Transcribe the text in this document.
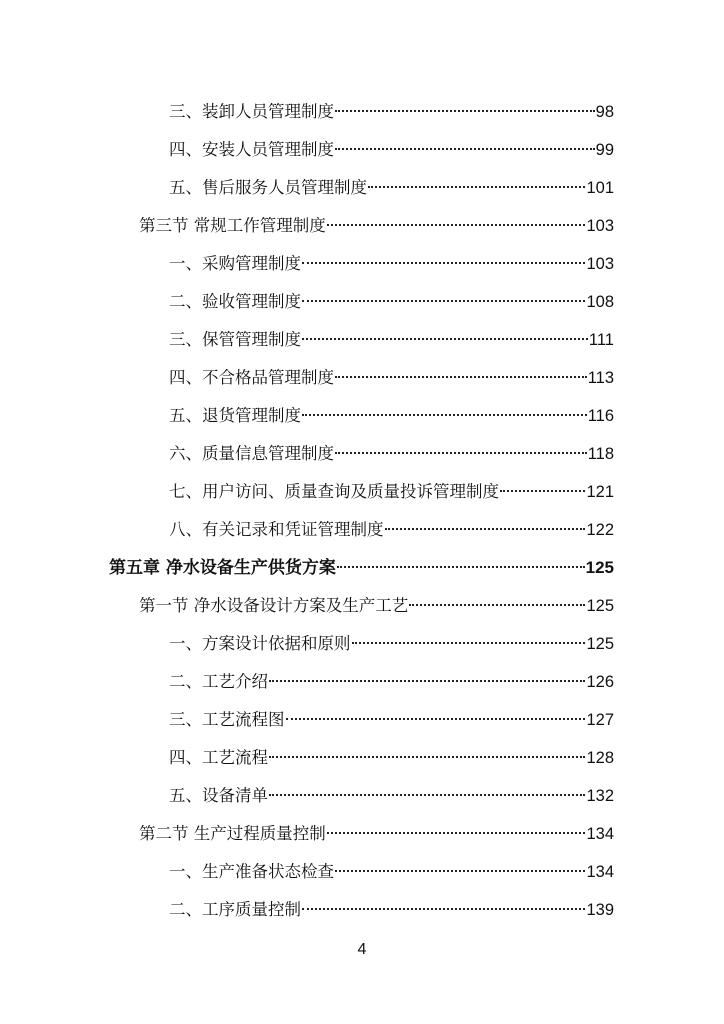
三、装卸人员管理制度	98
四、安装人员管理制度	99
五、售后服务人员管理制度	101
第三节 常规工作管理制度	103
一、采购管理制度	103
二、验收管理制度	108
三、保管管理制度	111
四、不合格品管理制度	113
五、退货管理制度	116
六、质量信息管理制度	118
七、用户访问、质量查询及质量投诉管理制度	121
八、有关记录和凭证管理制度	122
第五章 净水设备生产供货方案	125
第一节 净水设备设计方案及生产工艺	125
一、方案设计依据和原则	125
二、工艺介绍	126
三、工艺流程图	127
四、工艺流程	128
五、设备清单	132
第二节 生产过程质量控制	134
一、生产准备状态检查	134
二、工序质量控制	139
4
